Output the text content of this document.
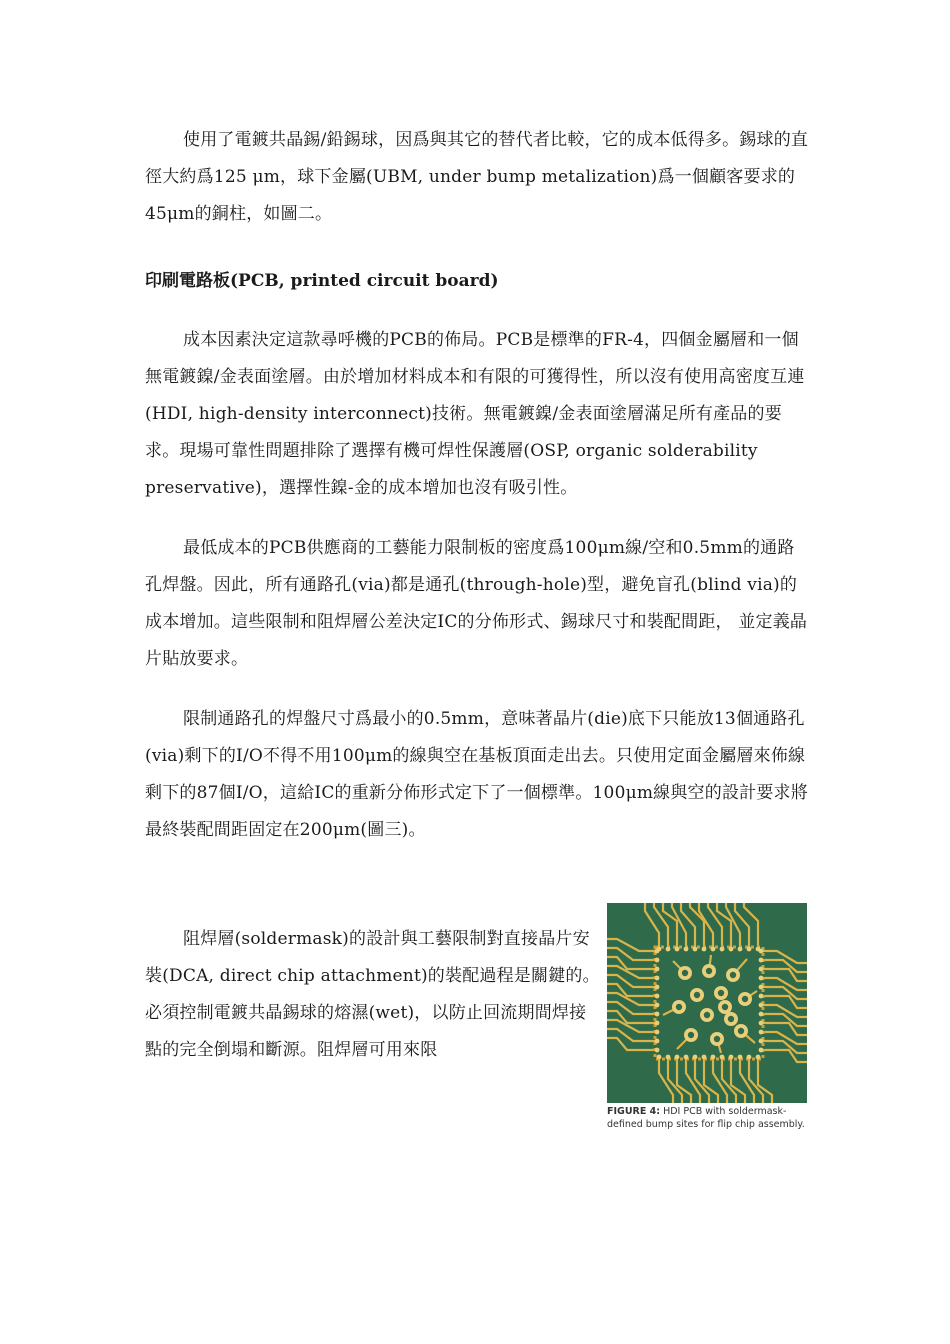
使用了電鍍共晶錫/鉛錫球，因爲與其它的替代者比較，它的成本低得多。錫球的直徑大約爲125 μm，球下金屬(UBM, under bump metalization)爲一個顧客要求的45μm的銅柱，如圖二。

印刷電路板(PCB, printed circuit board)

成本因素決定這款尋呼機的PCB的佈局。PCB是標準的FR-4，四個金屬層和一個無電鍍鎳/金表面塗層。由於增加材料成本和有限的可獲得性，所以沒有使用高密度互連(HDI, high-density interconnect)技術。無電鍍鎳/金表面塗層滿足所有產品的要求。現場可靠性問題排除了選擇有機可焊性保護層(OSP, organic solderability preservative)，選擇性鎳-金的成本增加也沒有吸引性。

最低成本的PCB供應商的工藝能力限制板的密度爲100μm線/空和0.5mm的通路孔焊盤。因此，所有通路孔(via)都是通孔(through-hole)型，避免盲孔(blind via)的成本增加。這些限制和阻焊層公差決定IC的分佈形式、錫球尺寸和裝配間距， 並定義晶片貼放要求。

限制通路孔的焊盤尺寸爲最小的0.5mm，意味著晶片(die)底下只能放13個通路孔(via)剩下的I/O不得不用100μm的線與空在基板頂面走出去。只使用定面金屬層來佈線剩下的87個I/O，這給IC的重新分佈形式定下了一個標準。100μm線與空的設計要求將最終裝配間距固定在200μm(圖三)。

阻焊層(soldermask)的設計與工藝限制對直接晶片安裝(DCA, direct chip attachment)的裝配過程是關鍵的。必須控制電鍍共晶錫球的熔濕(wet)，以防止回流期間焊接點的完全倒塌和斷源。阻焊層可用來限

FIGURE 4: HDI PCB with soldermask-defined bump sites for flip chip assembly.
